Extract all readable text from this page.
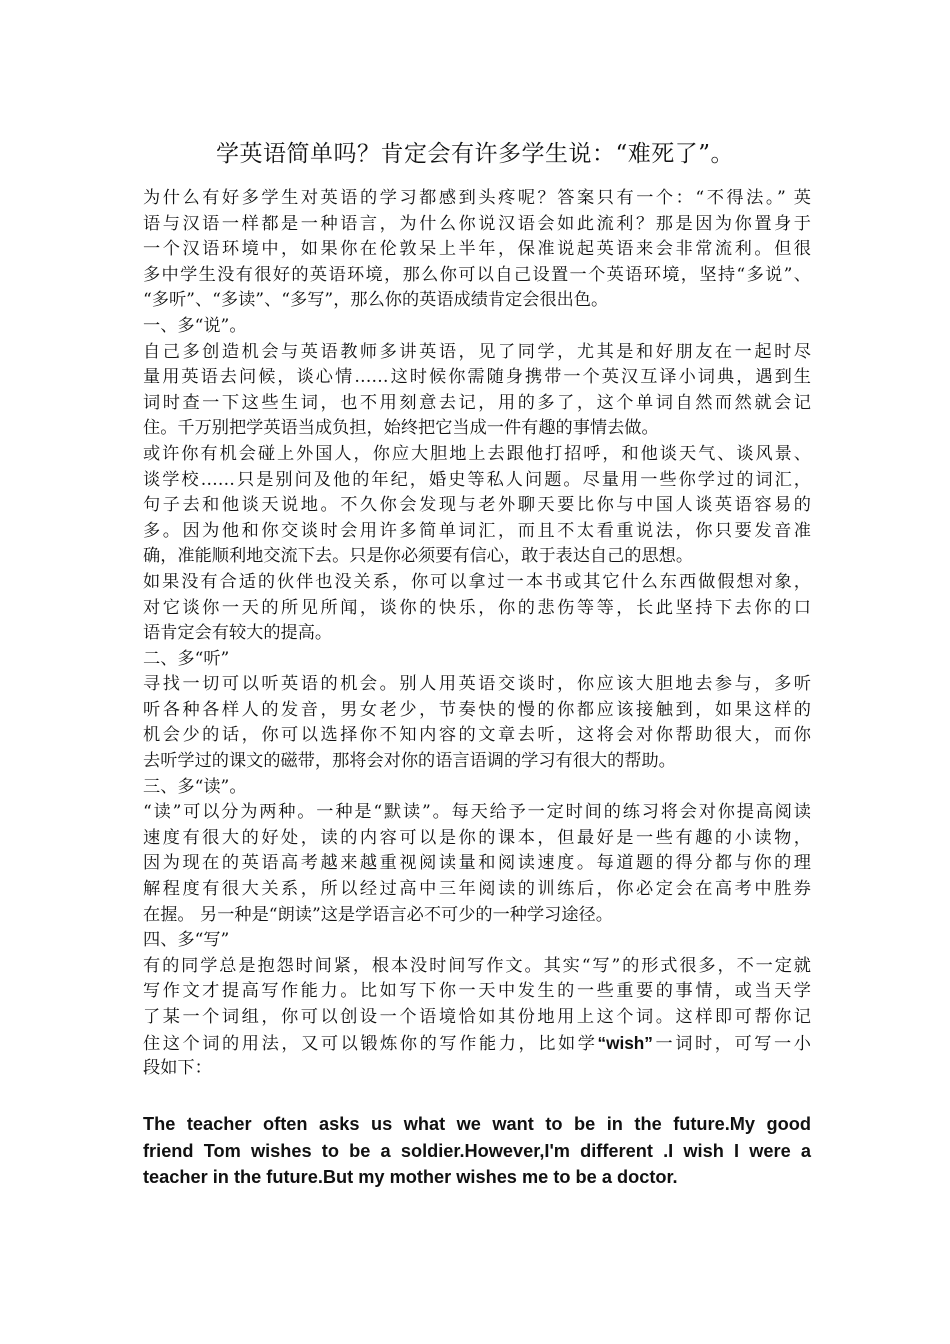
学英语简单吗？肯定会有许多学生说：“难死了”。
为什么有好多学生对英语的学习都感到头疼呢？答案只有一个：“不得法。” 英
语与汉语一样都是一种语言，为什么你说汉语会如此流利？那是因为你置身于
一个汉语环境中，如果你在伦敦呆上半年，保准说起英语来会非常流利。但很
多中学生没有很好的英语环境，那么你可以自己设置一个英语环境，坚持“多说”、
“多听”、“多读”、“多写”，那么你的英语成绩肯定会很出色。
一、多“说”。
自己多创造机会与英语教师多讲英语，见了同学，尤其是和好朋友在一起时尽
量用英语去问候，谈心情……这时候你需随身携带一个英汉互译小词典，遇到生
词时查一下这些生词，也不用刻意去记，用的多了，这个单词自然而然就会记
住。千万别把学英语当成负担，始终把它当成一件有趣的事情去做。
或许你有机会碰上外国人，你应大胆地上去跟他打招呼，和他谈天气、谈风景、
谈学校……只是别问及他的年纪，婚史等私人问题。尽量用一些你学过的词汇，
句子去和他谈天说地。不久你会发现与老外聊天要比你与中国人谈英语容易的
多。因为他和你交谈时会用许多简单词汇，而且不太看重说法，你只要发音准
确，准能顺利地交流下去。只是你必须要有信心，敢于表达自己的思想。
如果没有合适的伙伴也没关系，你可以拿过一本书或其它什么东西做假想对象，
对它谈你一天的所见所闻，谈你的快乐，你的悲伤等等，长此坚持下去你的口
语肯定会有较大的提高。
二、多“听”
寻找一切可以听英语的机会。别人用英语交谈时，你应该大胆地去参与，多听
听各种各样人的发音，男女老少，节奏快的慢的你都应该接触到，如果这样的
机会少的话，你可以选择你不知内容的文章去听，这将会对你帮助很大，而你
去听学过的课文的磁带，那将会对你的语言语调的学习有很大的帮助。
三、多“读”。
“读”可以分为两种。一种是“默读”。每天给予一定时间的练习将会对你提高阅读
速度有很大的好处，读的内容可以是你的课本，但最好是一些有趣的小读物，
因为现在的英语高考越来越重视阅读量和阅读速度。每道题的得分都与你的理
解程度有很大关系，所以经过高中三年阅读的训练后，你必定会在高考中胜券
在握。 另一种是“朗读”这是学语言必不可少的一种学习途径。
四、多“写”
有的同学总是抱怨时间紧，根本没时间写作文。其实“写”的形式很多，不一定就
写作文才提高写作能力。比如写下你一天中发生的一些重要的事情，或当天学
了某一个词组，你可以创设一个语境恰如其份地用上这个词。这样即可帮你记
住这个词的用法，又可以锻炼你的写作能力，比如学“wish”一词时，可写一小
段如下：
The teacher often asks us what we want to be in the future.My good
friend Tom wishes to be a soldier.However,I'm different .I wish I were a
teacher in the future.But my mother wishes me to be a doctor.
